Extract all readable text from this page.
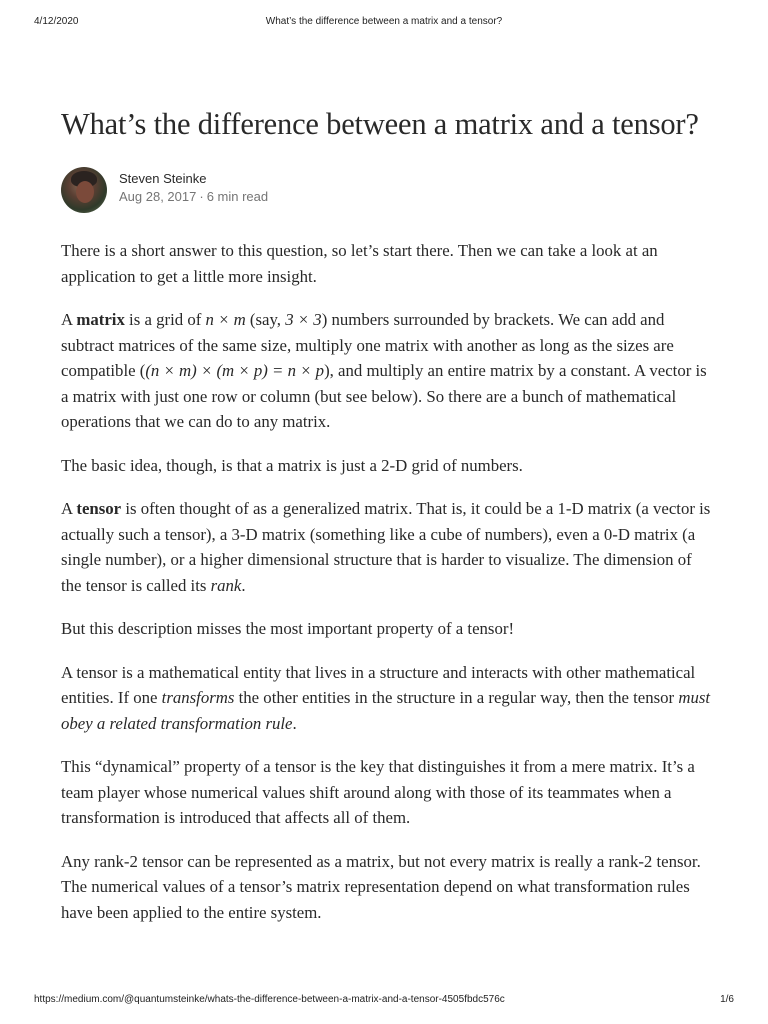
4/12/2020	What’s the difference between a matrix and a tensor?
What’s the difference between a matrix and a tensor?
Steven Steinke
Aug 28, 2017 · 6 min read

There is a short answer to this question, so let’s start there. Then we can take a look at an application to get a little more insight.

A matrix is a grid of n × m (say, 3 × 3) numbers surrounded by brackets. We can add and subtract matrices of the same size, multiply one matrix with another as long as the sizes are compatible ((n × m) × (m × p) = n × p), and multiply an entire matrix by a constant. A vector is a matrix with just one row or column (but see below). So there are a bunch of mathematical operations that we can do to any matrix.

The basic idea, though, is that a matrix is just a 2-D grid of numbers.

A tensor is often thought of as a generalized matrix. That is, it could be a 1-D matrix (a vector is actually such a tensor), a 3-D matrix (something like a cube of numbers), even a 0-D matrix (a single number), or a higher dimensional structure that is harder to visualize. The dimension of the tensor is called its rank.

But this description misses the most important property of a tensor!

A tensor is a mathematical entity that lives in a structure and interacts with other mathematical entities. If one transforms the other entities in the structure in a regular way, then the tensor must obey a related transformation rule.

This “dynamical” property of a tensor is the key that distinguishes it from a mere matrix. It’s a team player whose numerical values shift around along with those of its teammates when a transformation is introduced that affects all of them.

Any rank-2 tensor can be represented as a matrix, but not every matrix is really a rank-2 tensor. The numerical values of a tensor’s matrix representation depend on what transformation rules have been applied to the entire system.

https://medium.com/@quantumsteinke/whats-the-difference-between-a-matrix-and-a-tensor-4505fbdc576c	1/6
